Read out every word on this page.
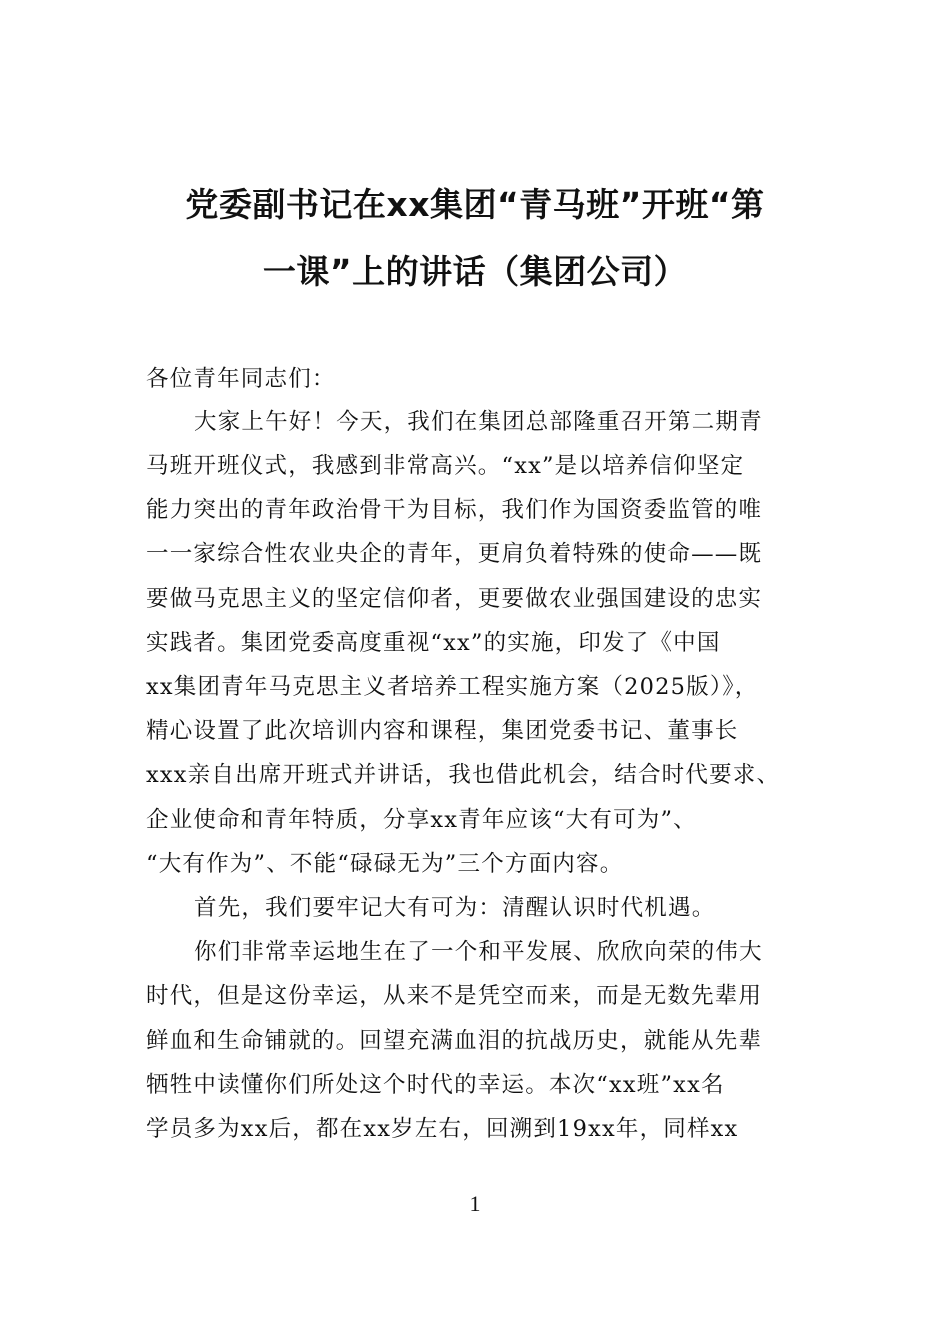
党委副书记在xx集团“青马班”开班“第
一课”上的讲话（集团公司）
各位青年同志们：
大家上午好！今天，我们在集团总部隆重召开第二期青
马班开班仪式，我感到非常高兴。“xx”是以培养信仰坚定
能力突出的青年政治骨干为目标，我们作为国资委监管的唯
一一家综合性农业央企的青年，更肩负着特殊的使命——既
要做马克思主义的坚定信仰者，更要做农业强国建设的忠实
实践者。集团党委高度重视“xx”的实施，印发了《中国
xx集团青年马克思主义者培养工程实施方案（2025版）》，
精心设置了此次培训内容和课程，集团党委书记、董事长
xxx亲自出席开班式并讲话，我也借此机会，结合时代要求、
企业使命和青年特质，分享xx青年应该“大有可为”、
“大有作为”、不能“碌碌无为”三个方面内容。
首先，我们要牢记大有可为：清醒认识时代机遇。
你们非常幸运地生在了一个和平发展、欣欣向荣的伟大
时代，但是这份幸运，从来不是凭空而来，而是无数先辈用
鲜血和生命铺就的。回望充满血泪的抗战历史，就能从先辈
牺牲中读懂你们所处这个时代的幸运。本次“xx班”xx名
学员多为xx后，都在xx岁左右，回溯到19xx年，同样xx
1
